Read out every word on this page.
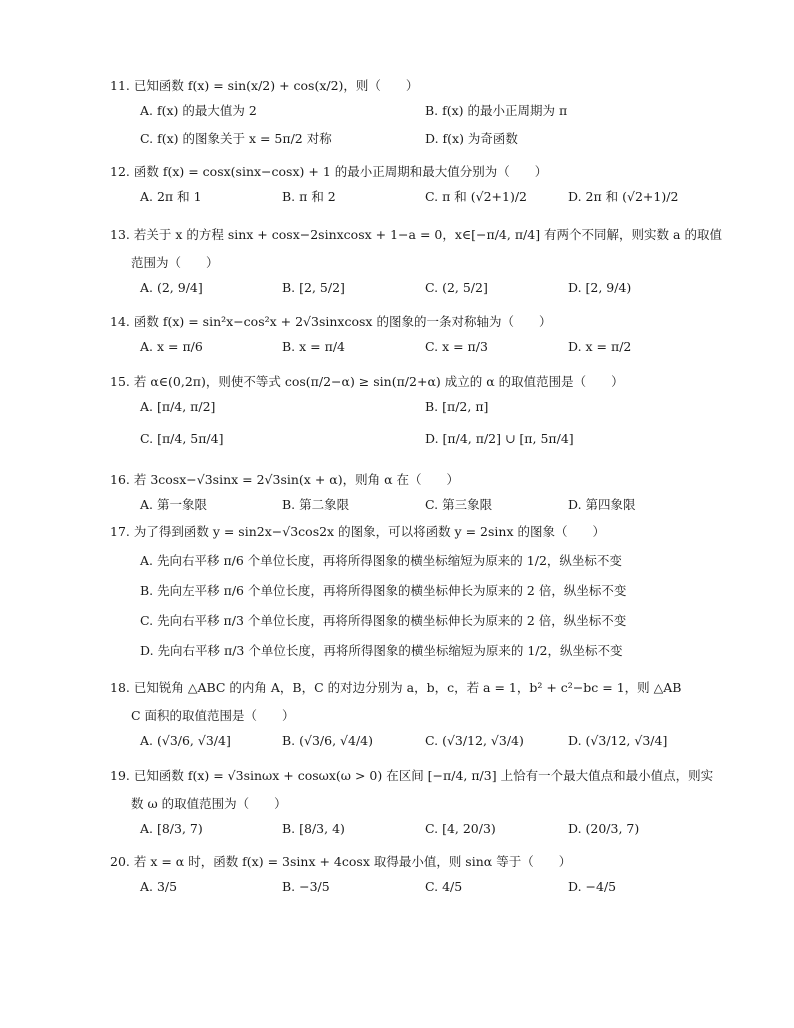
11. 已知函数 f(x) = sin(x/2) + cos(x/2)，则（　　）
A. f(x) 的最大值为 2	B. f(x) 的最小正周期为 π
C. f(x) 的图象关于 x = 5π/2 对称	D. f(x) 为奇函数
12. 函数 f(x) = cosx(sinx−cosx) + 1 的最小正周期和最大值分别为（　　）
A. 2π 和 1	B. π 和 2	C. π 和 (√2+1)/2	D. 2π 和 (√2+1)/2
13. 若关于 x 的方程 sinx + cosx−2sinxcosx + 1−a = 0，x∈[−π/4, π/4] 有两个不同解，则实数 a 的取值
范围为（　　）
A. (2, 9/4]	B. [2, 5/2]	C. (2, 5/2]	D. [2, 9/4)
14. 函数 f(x) = sin²x−cos²x + 2√3sinxcosx 的图象的一条对称轴为（　　）
A. x = π/6	B. x = π/4	C. x = π/3	D. x = π/2
15. 若 α∈(0,2π)，则使不等式 cos(π/2−α) ≥ sin(π/2+α) 成立的 α 的取值范围是（　　）
A. [π/4, π/2]	B. [π/2, π]
C. [π/4, 5π/4]	D. [π/4, π/2] ∪ [π, 5π/4]
16. 若 3cosx−√3sinx = 2√3sin(x + α)，则角 α 在（　　）
A. 第一象限	B. 第二象限	C. 第三象限	D. 第四象限
17. 为了得到函数 y = sin2x−√3cos2x 的图象，可以将函数 y = 2sinx 的图象（　　）
A. 先向右平移 π/6 个单位长度，再将所得图象的横坐标缩短为原来的 1/2，纵坐标不变
B. 先向左平移 π/6 个单位长度，再将所得图象的横坐标伸长为原来的 2 倍，纵坐标不变
C. 先向右平移 π/3 个单位长度，再将所得图象的横坐标伸长为原来的 2 倍，纵坐标不变
D. 先向右平移 π/3 个单位长度，再将所得图象的横坐标缩短为原来的 1/2，纵坐标不变
18. 已知锐角 △ABC 的内角 A，B，C 的对边分别为 a，b，c，若 a = 1，b² + c²−bc = 1，则 △AB
C 面积的取值范围是（　　）
A. (√3/6, √3/4]	B. (√3/6, √4/4)	C. (√3/12, √3/4)	D. (√3/12, √3/4]
19. 已知函数 f(x) = √3sinωx + cosωx(ω > 0) 在区间 [−π/4, π/3] 上恰有一个最大值点和最小值点，则实
数 ω 的取值范围为（　　）
A. [8/3, 7)	B. [8/3, 4)	C. [4, 20/3)	D. (20/3, 7)
20. 若 x = α 时，函数 f(x) = 3sinx + 4cosx 取得最小值，则 sinα 等于（　　）
A. 3/5	B. −3/5	C. 4/5	D. −4/5
